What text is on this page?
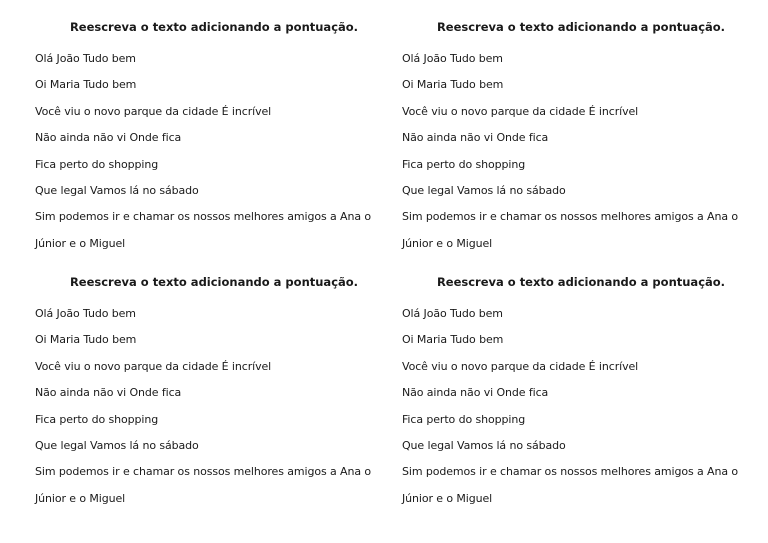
Reescreva o texto adicionando a pontuação.
Olá João Tudo bem
Oi Maria Tudo bem
Você viu o novo parque da cidade É incrível
Não ainda não vi Onde fica
Fica perto do shopping
Que legal Vamos lá no sábado
Sim podemos ir e chamar os nossos melhores amigos a Ana o
Júnior e o Miguel
Reescreva o texto adicionando a pontuação.
Olá João Tudo bem
Oi Maria Tudo bem
Você viu o novo parque da cidade É incrível
Não ainda não vi Onde fica
Fica perto do shopping
Que legal Vamos lá no sábado
Sim podemos ir e chamar os nossos melhores amigos a Ana o
Júnior e o Miguel
Reescreva o texto adicionando a pontuação.
Olá João Tudo bem
Oi Maria Tudo bem
Você viu o novo parque da cidade É incrível
Não ainda não vi Onde fica
Fica perto do shopping
Que legal Vamos lá no sábado
Sim podemos ir e chamar os nossos melhores amigos a Ana o
Júnior e o Miguel
Reescreva o texto adicionando a pontuação.
Olá João Tudo bem
Oi Maria Tudo bem
Você viu o novo parque da cidade É incrível
Não ainda não vi Onde fica
Fica perto do shopping
Que legal Vamos lá no sábado
Sim podemos ir e chamar os nossos melhores amigos a Ana o
Júnior e o Miguel
